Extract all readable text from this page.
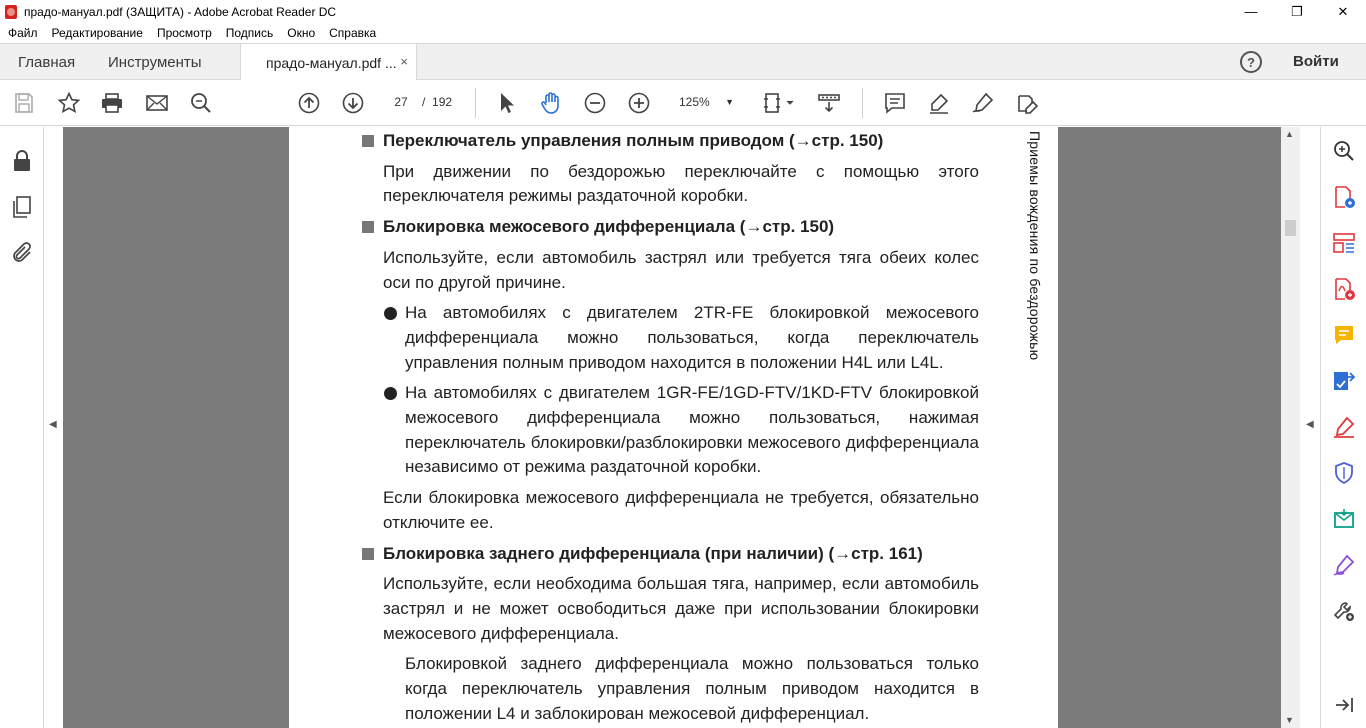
прадо-мануал.pdf (ЗАЩИТА) - Adobe Acrobat Reader DC	—	❐	✕
Файл Редактирование Просмотр Подпись Окно Справка
Главная Инструменты	прадо-мануал.pdf ... ×	?	Войти
27	/ 192	125% ▼
◀
Переключатель управления полным приводом (→стр. 150)
При движении по бездорожью переключайте с помощью этого переключателя режимы раздаточной коробки.
Блокировка межосевого дифференциала (→стр. 150)
Используйте, если автомобиль застрял или требуется тяга обеих колес оси по другой причине.
На автомобилях с двигателем 2TR-FE блокировкой межосевого дифференциала можно пользоваться, когда переключатель управления полным приводом находится в положении H4L или L4L.
На автомобилях с двигателем 1GR-FE/1GD-FTV/1KD-FTV блокировкой межосевого дифференциала можно пользоваться, нажимая переключатель блокировки/разблокировки межосевого дифференциала независимо от режима раздаточной коробки.
Если блокировка межосевого дифференциала не требуется, обязательно отключите ее.
Блокировка заднего дифференциала (при наличии) (→стр. 161)
Используйте, если необходима большая тяга, например, если автомобиль застрял и не может освободиться даже при использовании блокировки межосевого дифференциала.
Блокировкой заднего дифференциала можно пользоваться только когда переключатель управления полным приводом находится в положении L4 и заблокирован межосевой дифференциал.
Приемы вождения по бездорожью	▲
▼
◀
